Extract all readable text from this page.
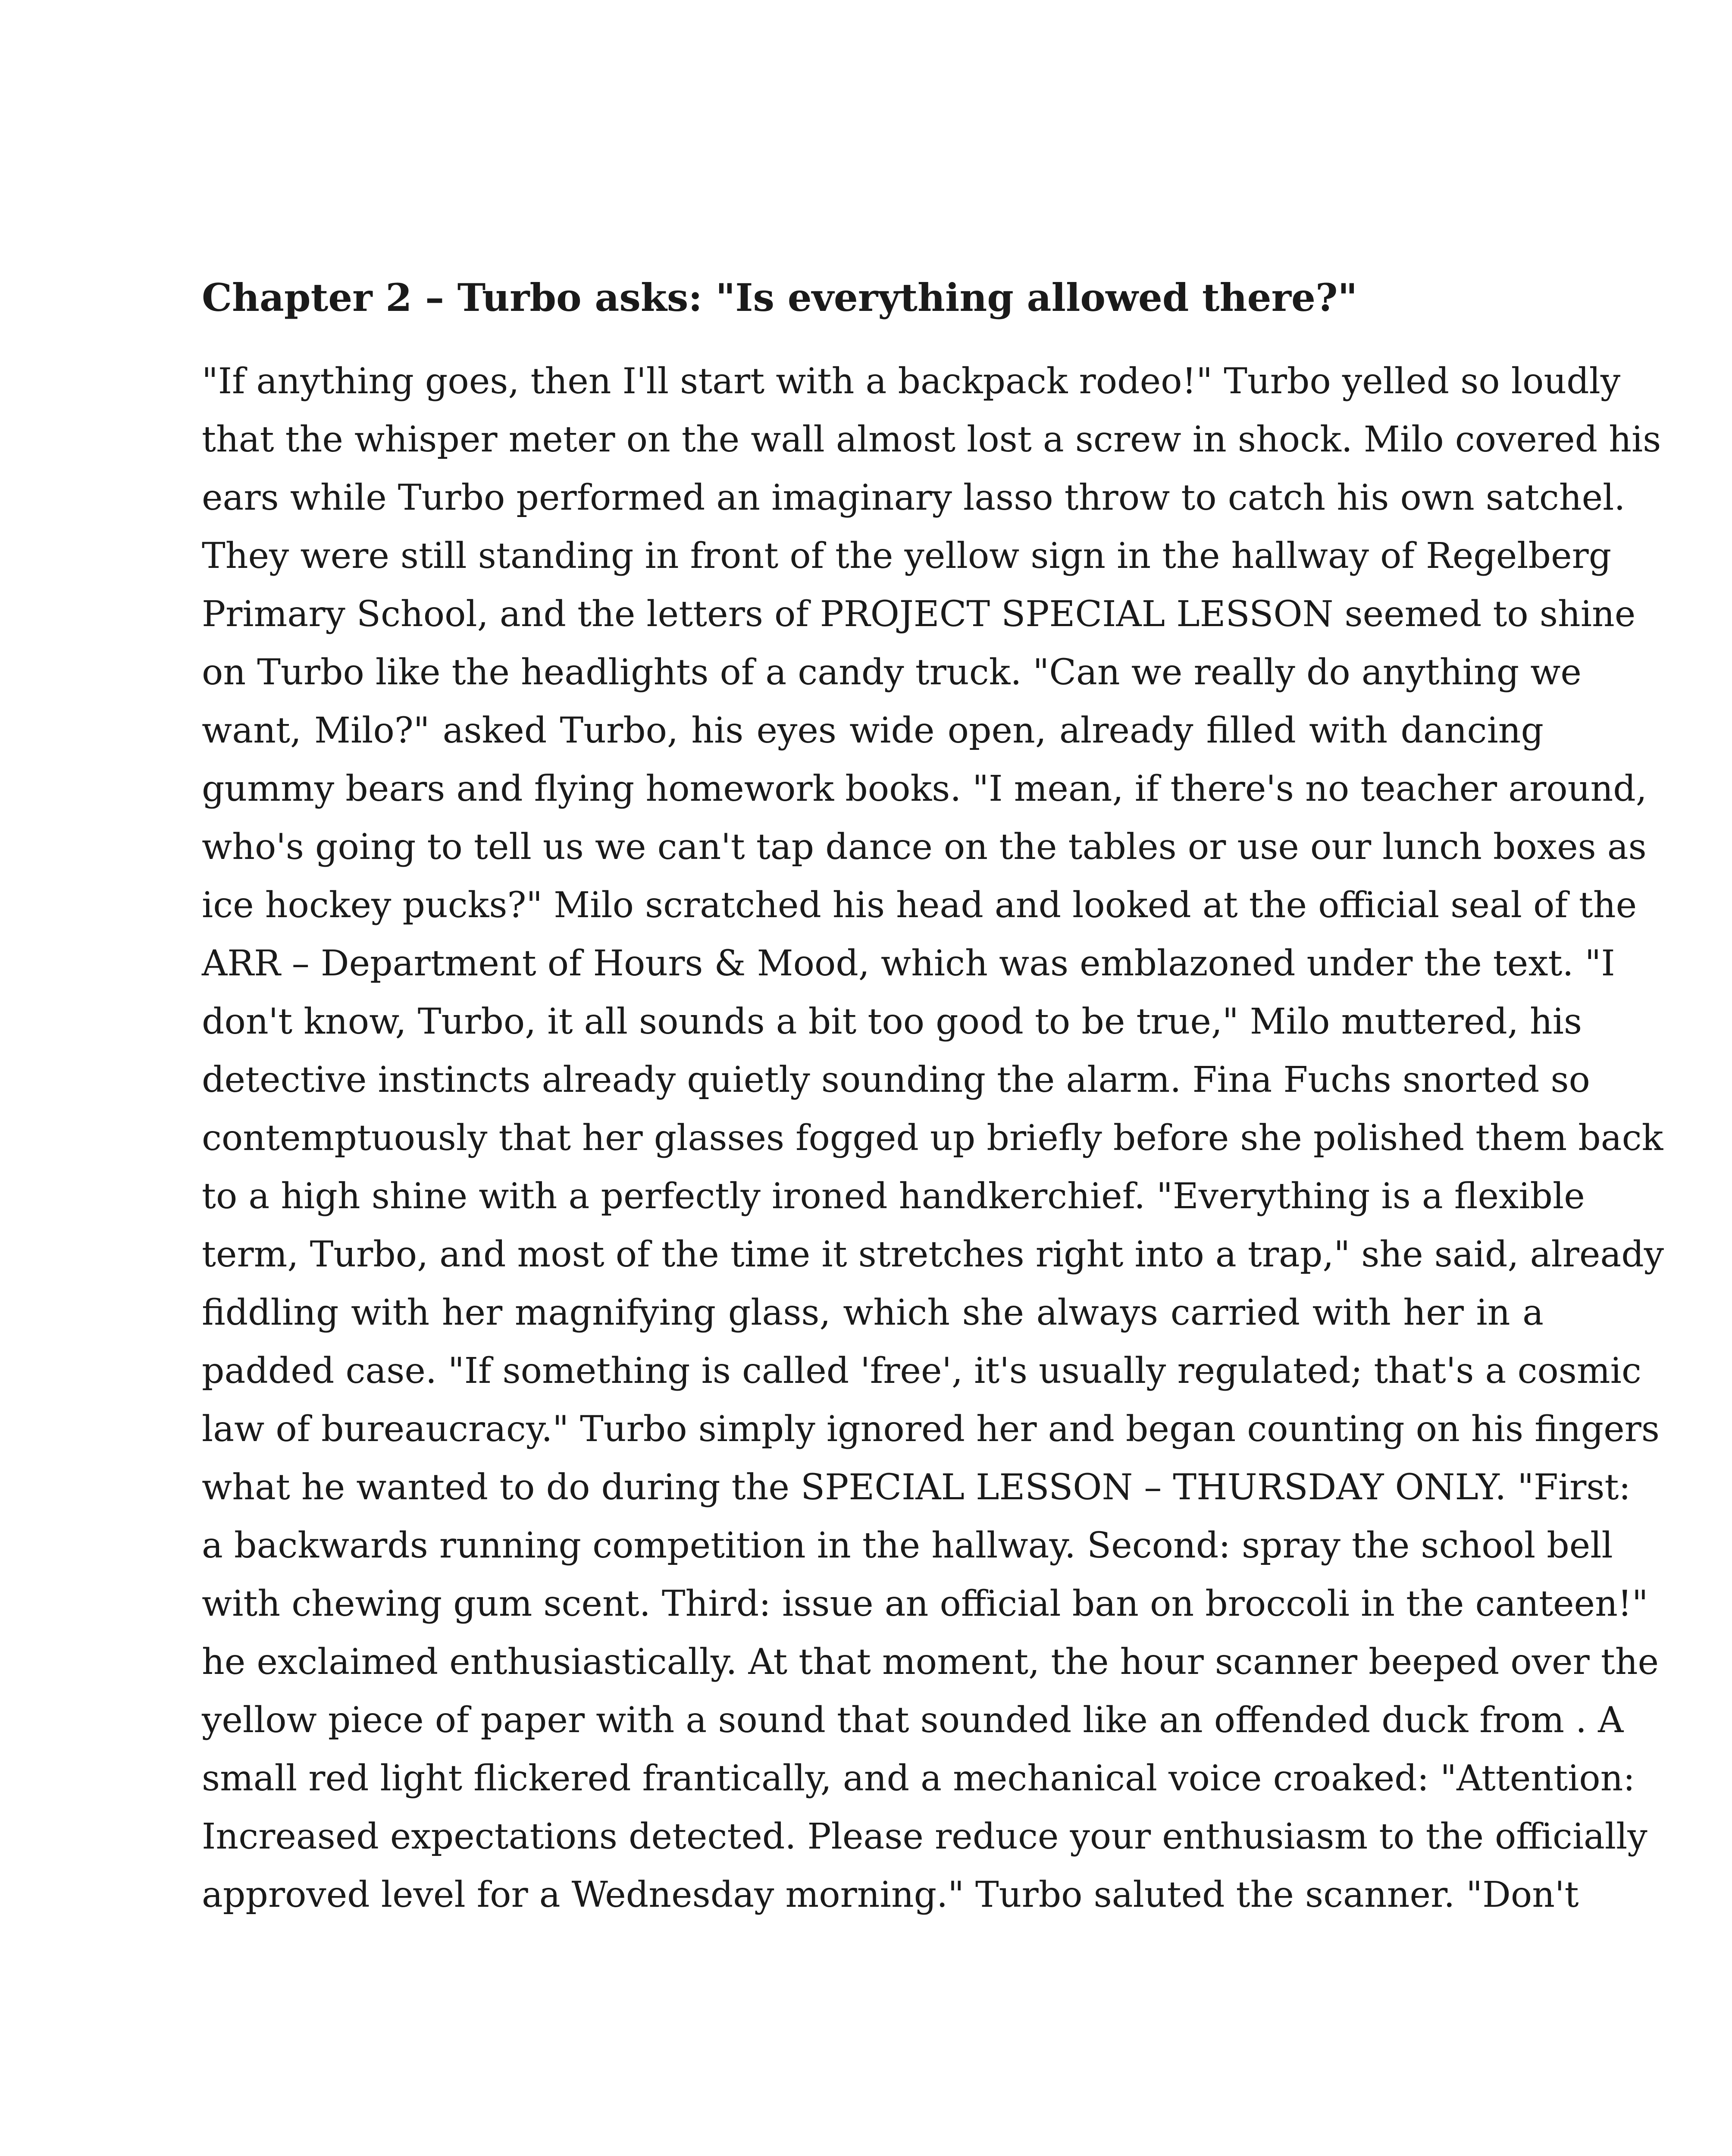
Chapter 2 – Turbo asks: "Is everything allowed there?"
"If anything goes, then I'll start with a backpack rodeo!" Turbo yelled so loudly
that the whisper meter on the wall almost lost a screw in shock. Milo covered his
ears while Turbo performed an imaginary lasso throw to catch his own satchel.
They were still standing in front of the yellow sign in the hallway of Regelberg
Primary School, and the letters of PROJECT SPECIAL LESSON seemed to shine
on Turbo like the headlights of a candy truck. "Can we really do anything we
want, Milo?" asked Turbo, his eyes wide open, already filled with dancing
gummy bears and flying homework books. "I mean, if there's no teacher around,
who's going to tell us we can't tap dance on the tables or use our lunch boxes as
ice hockey pucks?" Milo scratched his head and looked at the official seal of the
ARR – Department of Hours & Mood, which was emblazoned under the text. "I
don't know, Turbo, it all sounds a bit too good to be true," Milo muttered, his
detective instincts already quietly sounding the alarm. Fina Fuchs snorted so
contemptuously that her glasses fogged up briefly before she polished them back
to a high shine with a perfectly ironed handkerchief. "Everything is a flexible
term, Turbo, and most of the time it stretches right into a trap," she said, already
fiddling with her magnifying glass, which she always carried with her in a
padded case. "If something is called 'free', it's usually regulated; that's a cosmic
law of bureaucracy." Turbo simply ignored her and began counting on his fingers
what he wanted to do during the SPECIAL LESSON – THURSDAY ONLY. "First:
a backwards running competition in the hallway. Second: spray the school bell
with chewing gum scent. Third: issue an official ban on broccoli in the canteen!"
he exclaimed enthusiastically. At that moment, the hour scanner beeped over the
yellow piece of paper with a sound that sounded like an offended duck from . A
small red light flickered frantically, and a mechanical voice croaked: "Attention:
Increased expectations detected. Please reduce your enthusiasm to the officially
approved level for a Wednesday morning." Turbo saluted the scanner. "Don't
